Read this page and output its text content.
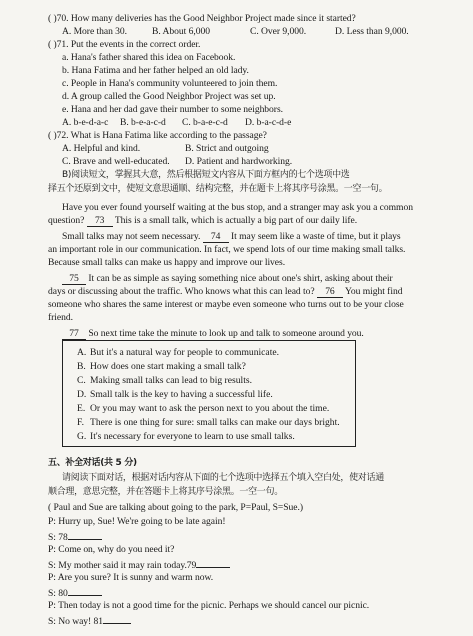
( )70. How many deliveries has the Good Neighbor Project made since it started?
A. More than 30.	B. About 6,000	C. Over 9,000.	D. Less than 9,000.
( )71. Put the events in the correct order.
a. Hana's father shared this idea on Facebook.
b. Hana Fatima and her father helped an old lady.
c. People in Hana's community volunteered to join them.
d. A group called the Good Neighbor Project was set up.
e. Hana and her dad gave their number to some neighbors.
A. b-e-d-a-c B. b-e-a-c-d C. b-a-e-c-d D. b-a-c-d-e
( )72. What is Hana Fatima like according to the passage?
A. Helpful and kind.	B. Strict and outgoing
C. Brave and well-educated. D. Patient and hardworking.
B)阅读短文，掌握其大意，然后根据短文内容从下面方框内的七个选项中选
择五个还原到文中，使短文意思通顺、结构完整，并在题卡上将其序号涂黑。一空一句。
Have you ever found yourself waiting at the bus stop, and a stranger may ask you a common
question? 73 This is a small talk, which is actually a big part of our daily life.
Small talks may not seem necessary. 74 It may seem like a waste of time, but it plays
an important role in our communication. In fact, we spend lots of our time making small talks.
Because small talks can make us happy and improve our lives.
75 It can be as simple as saying something nice about one's shirt, asking about their
days or discussing about the traffic. Who knows what this can lead to? 76 You might find
someone who shares the same interest or maybe even someone who turns out to be your close
friend.
77 So next time take the minute to look up and talk to someone around you.
A. But it's a natural way for people to communicate.
B. How does one start making a small talk?
C. Making small talks can lead to big results.
D. Small talk is the key to having a successful life.
E. Or you may want to ask the person next to you about the time.
F. There is one thing for sure: small talks can make our days bright.
G. It's necessary for everyone to learn to use small talks.
五、补全对话(共 5 分)
请阅读下面对话，根据对话内容从下面的七个选项中选择五个填入空白处，使对话通
顺合理，意思完整，并在答题卡上将其序号涂黑。一空一句。
( Paul and Sue are talking about going to the park, P=Paul, S=Sue.)
P: Hurry up, Sue! We're going to be late again!
S: 78
P: Come on, why do you need it?
S: My mother said it may rain today.79
P: Are you sure? It is sunny and warm now.
S: 80
P: Then today is not a good time for the picnic. Perhaps we should cancel our picnic.
S: No way! 81
